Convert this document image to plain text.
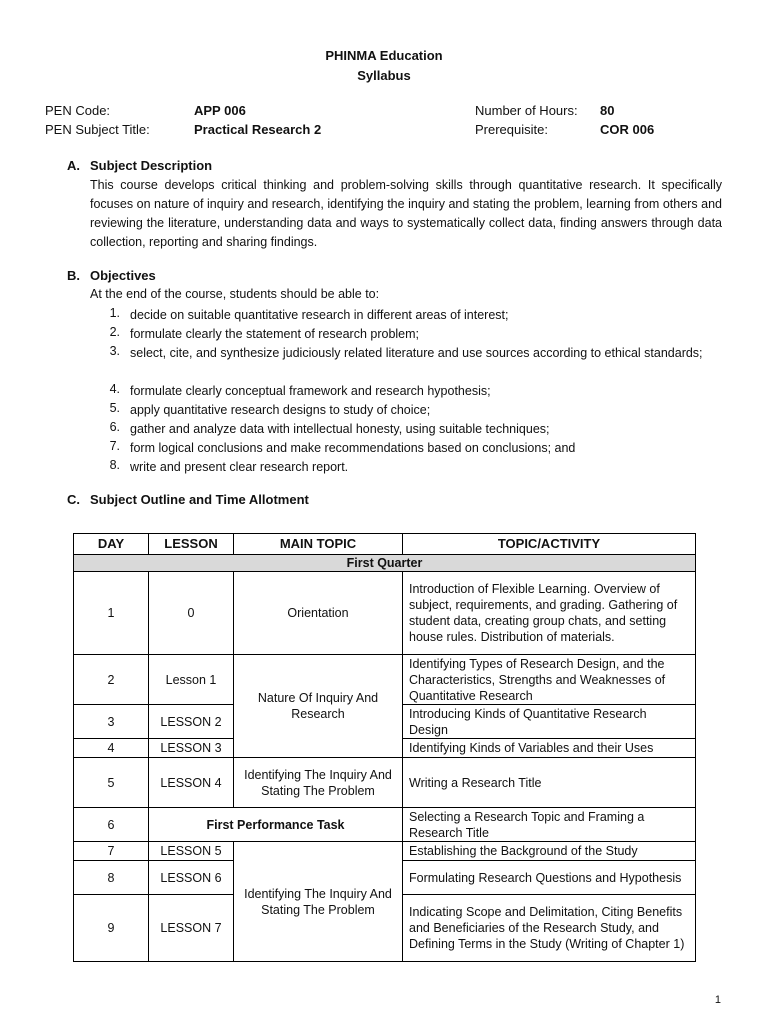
PHINMA Education
Syllabus
PEN Code:	APP 006
PEN Subject Title:	Practical Research 2
Number of Hours: 80
Prerequisite:	COR 006
A. Subject Description
This course develops critical thinking and problem-solving skills through quantitative research. It specifically focuses on nature of inquiry and research, identifying the inquiry and stating the problem, learning from others and reviewing the literature, understanding data and ways to systematically collect data, finding answers through data collection, reporting and sharing findings.
B. Objectives
At the end of the course, students should be able to:
1. decide on suitable quantitative research in different areas of interest;
2. formulate clearly the statement of research problem;
3. select, cite, and synthesize judiciously related literature and use sources according to ethical standards;
4. formulate clearly conceptual framework and research hypothesis;
5. apply quantitative research designs to study of choice;
6. gather and analyze data with intellectual honesty, using suitable techniques;
7. form logical conclusions and make recommendations based on conclusions; and
8. write and present clear research report.
C. Subject Outline and Time Allotment
DAY	LESSON	MAIN TOPIC	TOPIC/ACTIVITY
First Quarter			
1	0	Orientation	Introduction of Flexible Learning. Overview of subject, requirements, and grading. Gathering of student data, creating group chats, and setting house rules. Distribution of materials.
2	Lesson 1	Nature Of Inquiry And Research	Identifying Types of Research Design, and the Characteristics, Strengths and Weaknesses of Quantitative Research
3	LESSON 2		Introducing Kinds of Quantitative Research Design
4	LESSON 3		Identifying Kinds of Variables and their Uses
5	LESSON 4	Identifying The Inquiry And Stating The Problem	Writing a Research Title
6	First Performance Task		Selecting a Research Topic and Framing a Research Title
7	LESSON 5	Identifying The Inquiry And Stating The Problem	Establishing the Background of the Study
8	LESSON 6		Formulating Research Questions and Hypothesis
9	LESSON 7		Indicating Scope and Delimitation, Citing Benefits and Beneficiaries of the Research Study, and Defining Terms in the Study (Writing of Chapter 1)
1
